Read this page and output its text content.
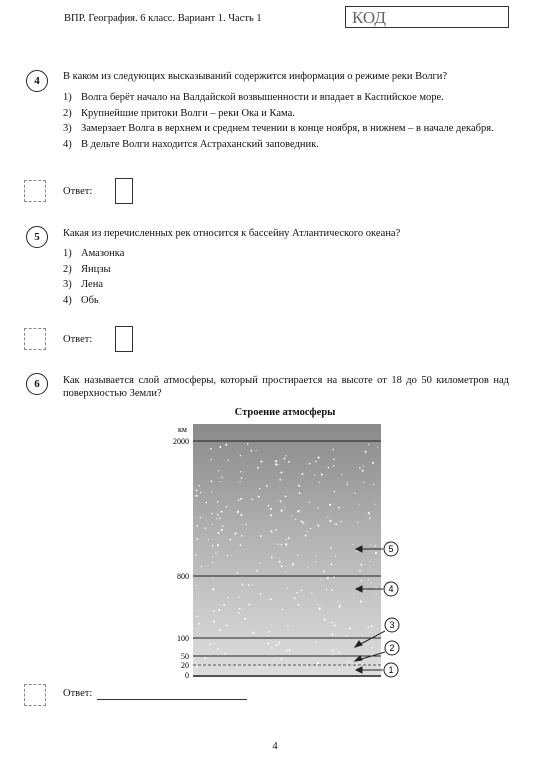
ВПР. География. 6 класс. Вариант 1. Часть 1	КОД
4	В каком из следующих высказываний содержится информация о режиме реки Волги?
1) Волга берёт начало на Валдайской возвышенности и впадает в Каспийское море.
2) Крупнейшие притоки Волги – реки Ока и Кама.
3) Замерзает Волга в верхнем и среднем течении в конце ноября, в нижнем – в начале декабря.
4) В дельте Волги находится Астраханский заповедник.
Ответ:
5	Какая из перечисленных рек относится к бассейну Атлантического океана?
1) Амазонка
2) Янцзы
3) Лена
4) Обь
Ответ:
6	Как называется слой атмосферы, который простирается на высоте от 18 до 50 километров над поверхностью Земли?
Строение атмосферы
км
2000
800
100
50
20
0
5
4
3
2
1
Ответ:
4
